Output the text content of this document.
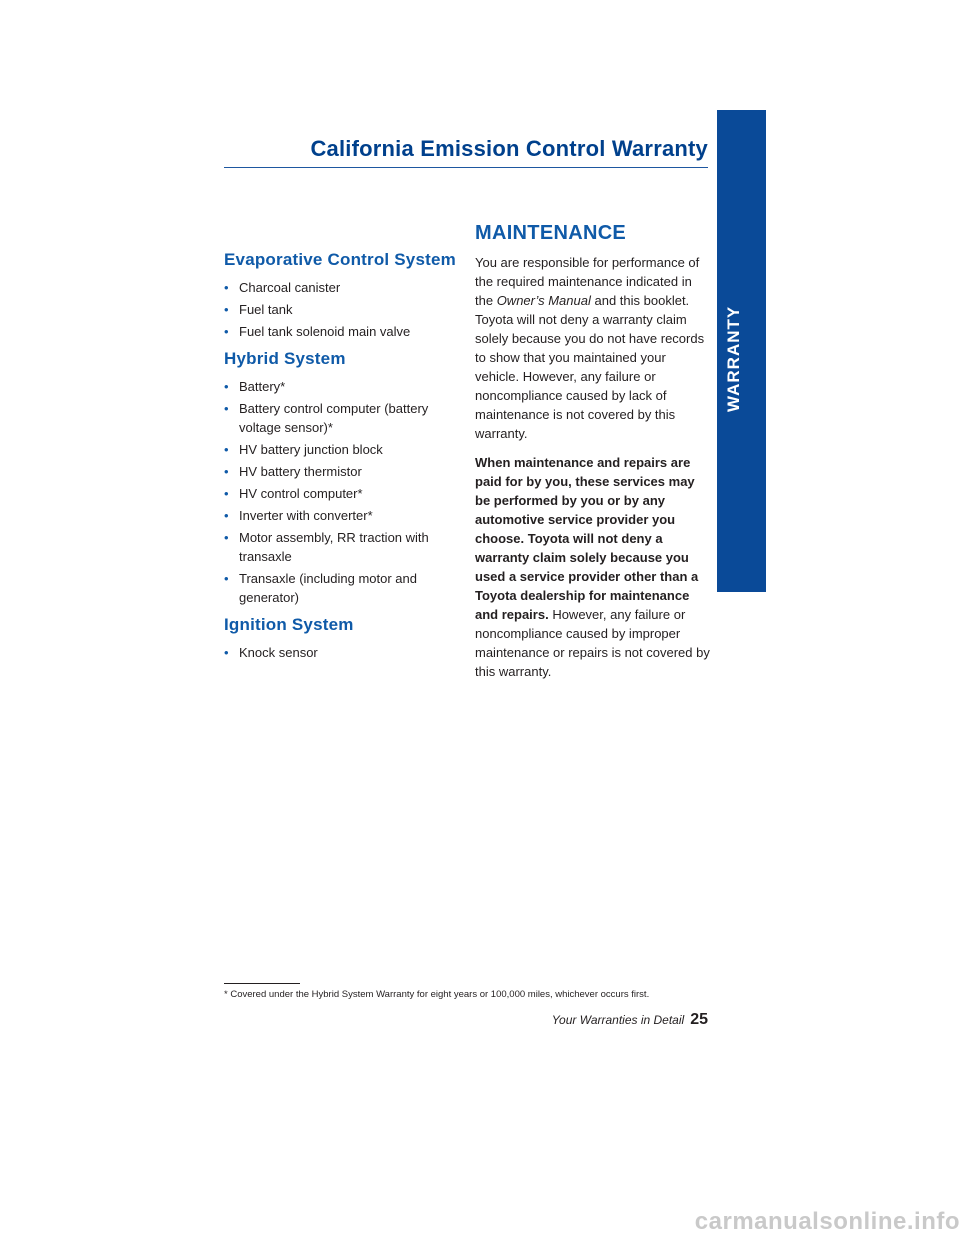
California Emission Control Warranty
WARRANTY
Evaporative Control System
• Charcoal canister
• Fuel tank
• Fuel tank solenoid main valve
Hybrid System
• Battery*
• Battery control computer (battery voltage sensor)*
• HV battery junction block
• HV battery thermistor
• HV control computer*
• Inverter with converter*
• Motor assembly, RR traction with transaxle
• Transaxle (including motor and generator)
Ignition System
• Knock sensor
MAINTENANCE

You are responsible for performance of the required maintenance indicated in the Owner’s Manual and this booklet. Toyota will not deny a warranty claim solely because you do not have records to show that you maintained your vehicle. However, any failure or noncompliance caused by lack of maintenance is not covered by this warranty.

When maintenance and repairs are paid for by you, these services may be performed by you or by any automotive service provider you choose. Toyota will not deny a warranty claim solely because you used a service provider other than a Toyota dealership for maintenance and repairs. However, any failure or noncompliance caused by improper maintenance or repairs is not covered by this warranty.

* Covered under the Hybrid System Warranty for eight years or 100,000 miles, whichever occurs first.
Your Warranties in Detail 25
carmanualsonline.info
